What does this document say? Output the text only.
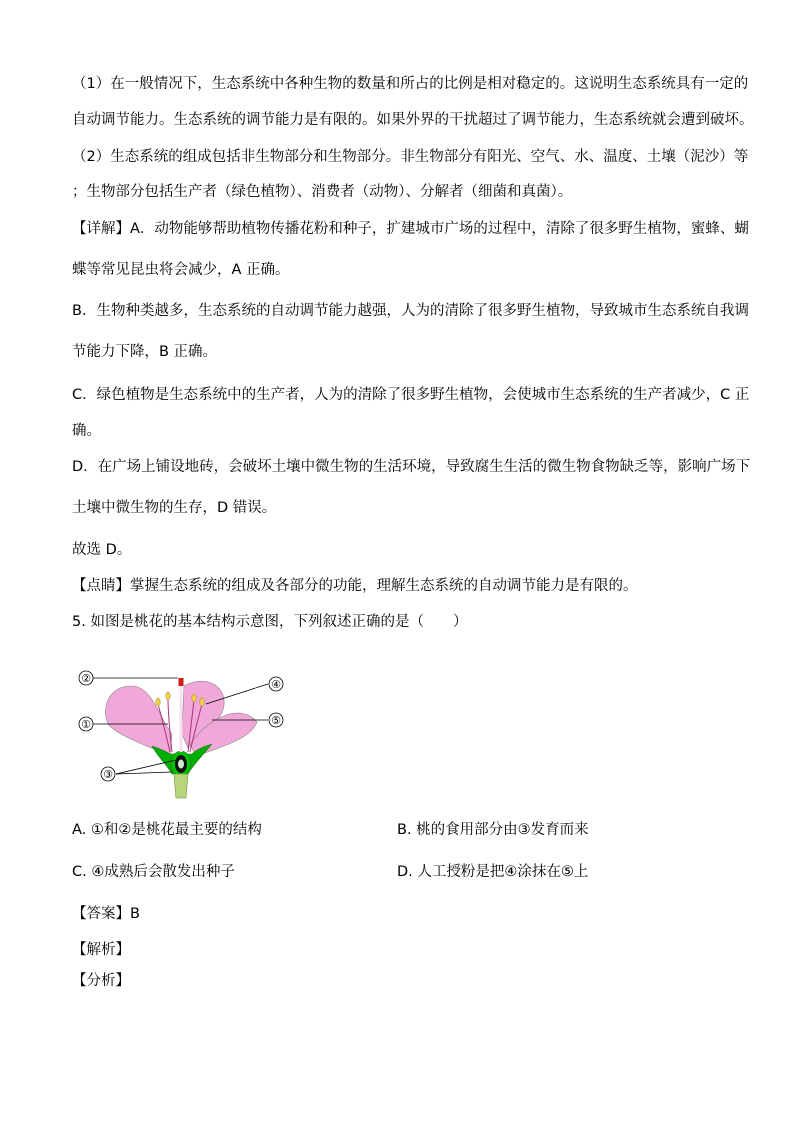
（1）在一般情况下，生态系统中各种生物的数量和所占的比例是相对稳定的。这说明生态系统具有一定的
自动调节能力。生态系统的调节能力是有限的。如果外界的干扰超过了调节能力，生态系统就会遭到破坏。
（2）生态系统的组成包括非生物部分和生物部分。非生物部分有阳光、空气、水、温度、土壤（泥沙）等
；生物部分包括生产者（绿色植物）、消费者（动物）、分解者（细菌和真菌）。
【详解】A．动物能够帮助植物传播花粉和种子，扩建城市广场的过程中，清除了很多野生植物，蜜蜂、蝴
蝶等常见昆虫将会减少，A 正确。
B．生物种类越多，生态系统的自动调节能力越强，人为的清除了很多野生植物，导致城市生态系统自我调
节能力下降，B 正确。
C．绿色植物是生态系统中的生产者，人为的清除了很多野生植物，会使城市生态系统的生产者减少，C 正
确。
D．在广场上铺设地砖，会破坏土壤中微生物的生活环境，导致腐生生活的微生物食物缺乏等，影响广场下
土壤中微生物的生存，D 错误。
故选 D。
【点睛】掌握生态系统的组成及各部分的功能，理解生态系统的自动调节能力是有限的。
5. 如图是桃花的基本结构示意图，下列叙述正确的是（　　）
②	④
①	⑤
③
A. ①和②是桃花最主要的结构	B. 桃的食用部分由③发育而来
C. ④成熟后会散发出种子	D. 人工授粉是把④涂抹在⑤上
【答案】B
【解析】
【分析】
